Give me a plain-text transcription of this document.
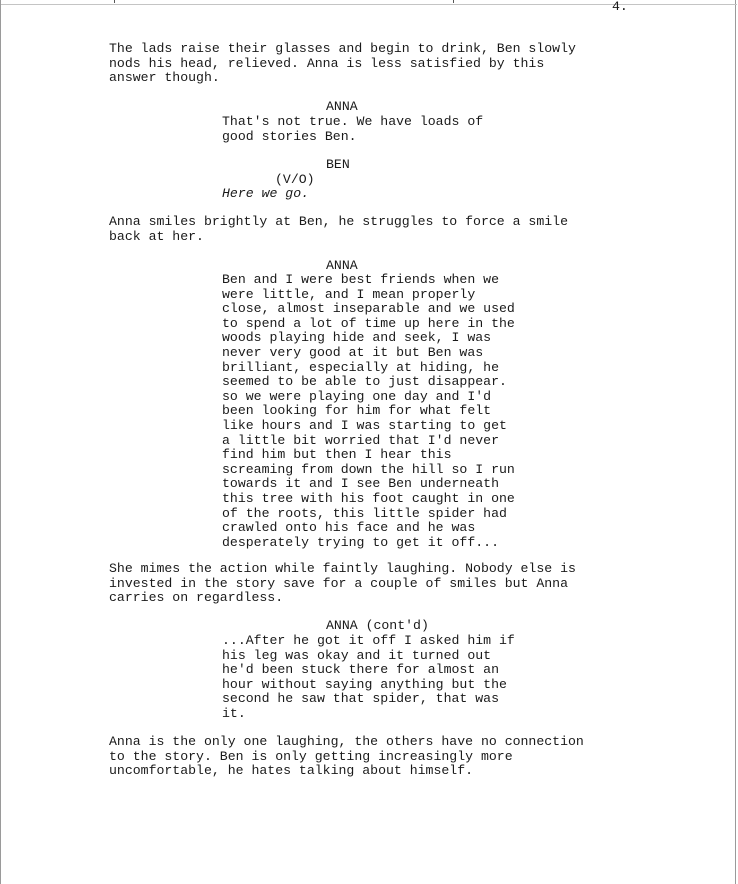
4.
The lads raise their glasses and begin to drink, Ben slowly
nods his head, relieved. Anna is less satisfied by this
answer though.
ANNA
That's not true. We have loads of
good stories Ben.
BEN
(V/O)
Here we go.
Anna smiles brightly at Ben, he struggles to force a smile
back at her.
ANNA
Ben and I were best friends when we
were little, and I mean properly
close, almost inseparable and we used
to spend a lot of time up here in the
woods playing hide and seek, I was
never very good at it but Ben was
brilliant, especially at hiding, he
seemed to be able to just disappear.
so we were playing one day and I'd
been looking for him for what felt
like hours and I was starting to get
a little bit worried that I'd never
find him but then I hear this
screaming from down the hill so I run
towards it and I see Ben underneath
this tree with his foot caught in one
of the roots, this little spider had
crawled onto his face and he was
desperately trying to get it off...
She mimes the action while faintly laughing. Nobody else is
invested in the story save for a couple of smiles but Anna
carries on regardless.
ANNA (cont'd)
...After he got it off I asked him if
his leg was okay and it turned out
he'd been stuck there for almost an
hour without saying anything but the
second he saw that spider, that was
it.
Anna is the only one laughing, the others have no connection
to the story. Ben is only getting increasingly more
uncomfortable, he hates talking about himself.
